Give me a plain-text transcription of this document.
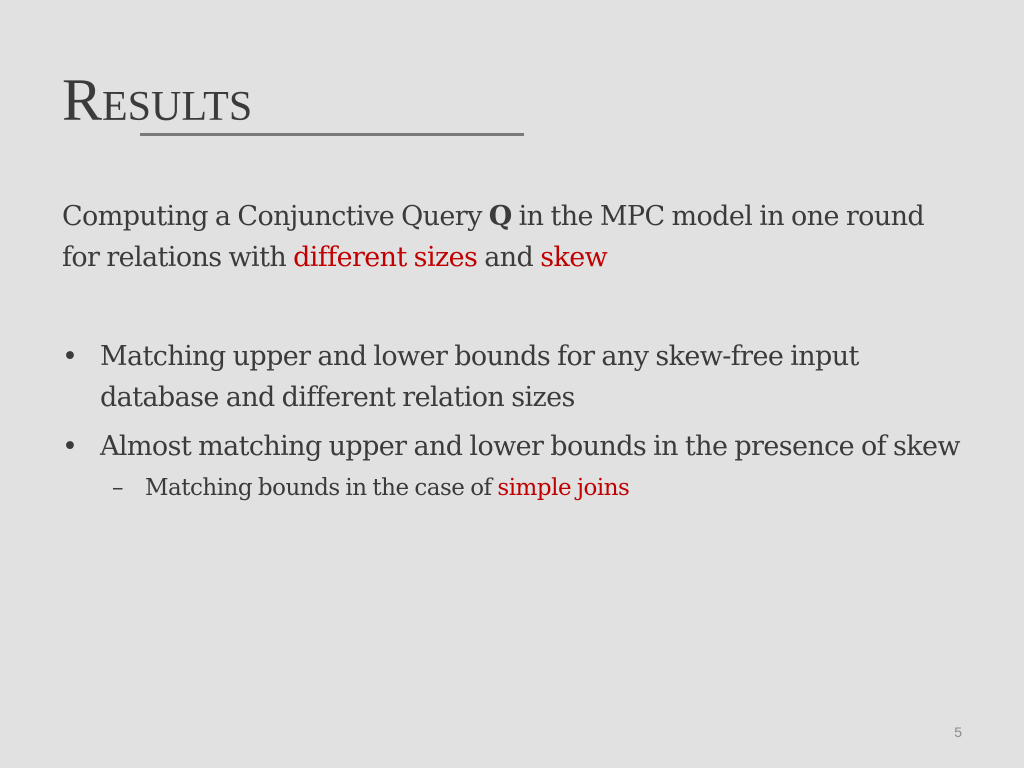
Results

Computing a Conjunctive Query Q in the MPC model in one round for relations with different sizes and skew

• Matching upper and lower bounds for any skew-free input database and different relation sizes
• Almost matching upper and lower bounds in the presence of skew
– Matching bounds in the case of simple joins
5
